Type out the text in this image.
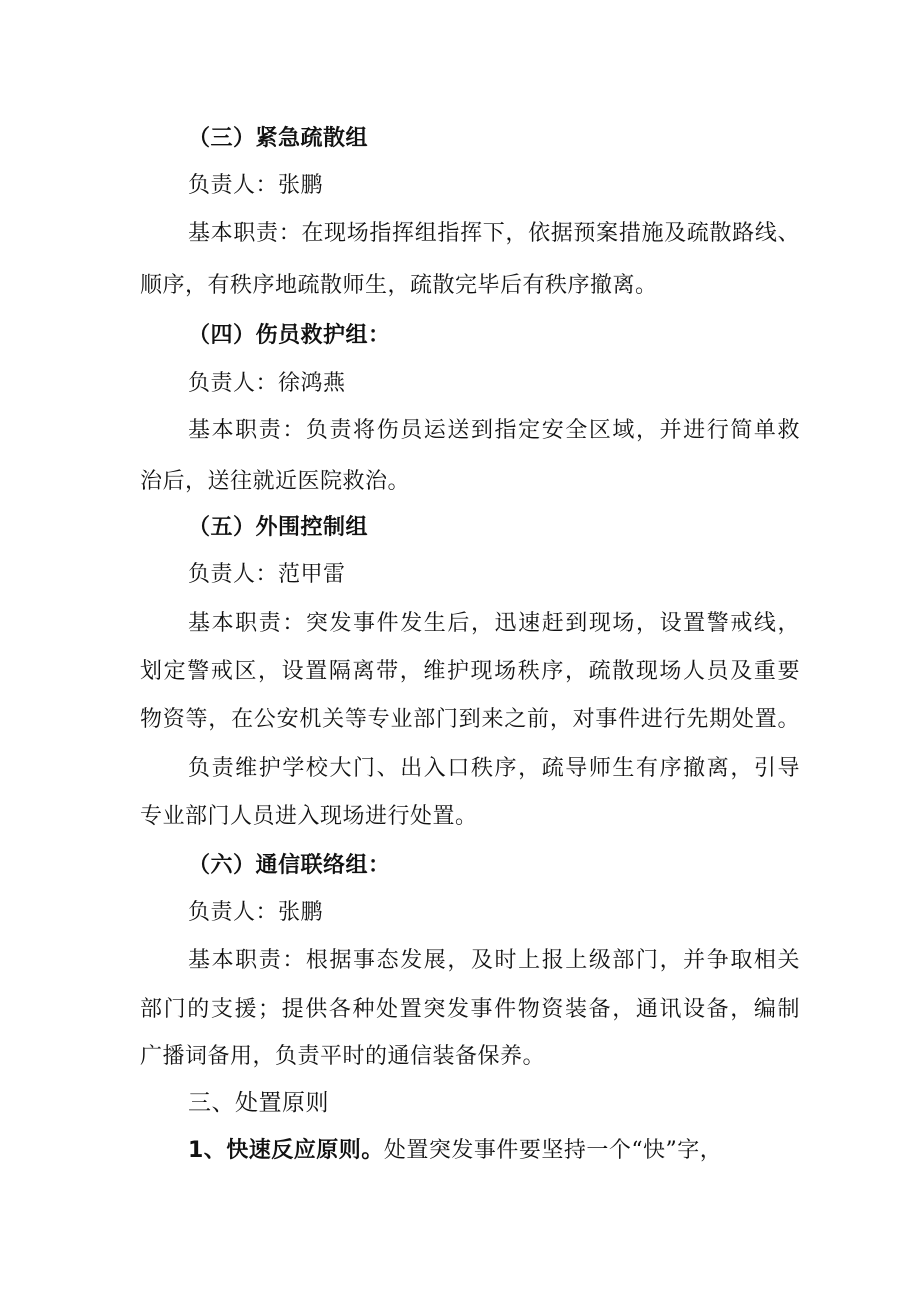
（三）紧急疏散组
负责人：张鹏
基本职责：在现场指挥组指挥下，依据预案措施及疏散路线、
顺序，有秩序地疏散师生，疏散完毕后有秩序撤离。
（四）伤员救护组：
负责人：徐鸿燕
基本职责：负责将伤员运送到指定安全区域，并进行简单救
治后，送往就近医院救治。
（五）外围控制组
负责人：范甲雷
基本职责：突发事件发生后，迅速赶到现场，设置警戒线，
划定警戒区，设置隔离带，维护现场秩序，疏散现场人员及重要
物资等，在公安机关等专业部门到来之前，对事件进行先期处置。
负责维护学校大门、出入口秩序，疏导师生有序撤离，引导
专业部门人员进入现场进行处置。
（六）通信联络组：
负责人：张鹏
基本职责：根据事态发展，及时上报上级部门，并争取相关
部门的支援；提供各种处置突发事件物资装备，通讯设备，编制
广播词备用，负责平时的通信装备保养。
三、处置原则
1、快速反应原则。处置突发事件要坚持一个“快”字，
